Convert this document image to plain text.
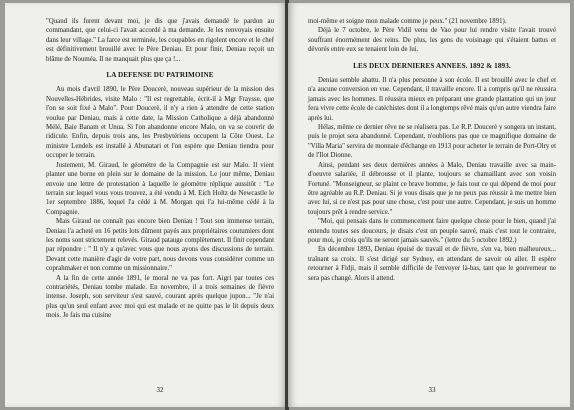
"Quand ils furent devant moi, je dis que j'avais demandé le pardon au commandant, que celui-ci l'avait accordé à ma demande. Je les renvoyais ensuite dans leur village." La farce est terminée, les coupables en rigolent encore et le chef est définitivement brouillé avec le Père Deniau. Et pour finir, Deniau reçoit un blâme de Nouméa. Il ne manquait plus que ça !...

LA DEFENSE DU PATRIMOINE

Au mois d'avril 1890, le Père Doucerè, nouveau supérieur de la mission des Nouvelles-Hébrides, visite Malo : "Il est regrettable, écrit-il à Mgr Frayssе, que l'on se soit fixé à Malo". Pour Doucerè, il n'y a rien à attendre de cette station voulue par Deniau, mais à cette date, la Mission Catholique a déjà abandonné Mélé, Baie Banam et Unua. Si l'on abandonne encore Malo, on va se couvrir de ridicule. Enfin, depuis trois ans, les Presbytériens occupent la Côte Ouest. Le ministre Lendels est installé à Abunatari et l'on espère que Deniau tiendra pour occuper le terrain.

Justement, M. Giraud, le géomètre de la Compagnie est sur Malo. Il vient planter une borne en plein sur le domaine de la mission. Le jour même, Deniau envoie une lettre de protestation à laquelle le géomètre réplique aussitôt : "Le terrain sur lequel vous vous trouvez, a été vendu à M. Eich Holtz de Newcastle le 1er septembre 1886, lequel l'a cédé à M. Morgan qui l'a lui-même cédé à la Compagnie.

Mais Giraud ne connaît pas encore bien Deniau ! Tout son immense terrain, Deniau l'a acheté en 16 petits lots dûment payés aux propriétaires coutumiers dont les noms sont strictement relevés. Giraud patauge complètement. Il finit cependant par répondre : " Il n'y a qu'avec vous que nous ayons des discussions de terrain. Devant cette manière d'agir de votre part, nous devons vous considérer comme un coprahmaker et non comme un missionnaire."

A la fin de cette année 1891, le moral ne va pas fort. Aigri par toutes ces contrariétés, Deniau tombe malade. En novembre, il a trois semaines de fièvre intense. Joseph, son serviteur s'est sauvé, courant après quelque jupon... "Je n'ai plus qu'un seul enfant avec moi qui est malade et ne quitte pas le lit depuis deux mois. Je fais ma cuisine

32

moi-même et soigne mon malade comme je peux." (21 novembre 1891).

Déjà le 7 octobre, le Père Vidil venu de Vao pour lui rendre visite l'avait trouvé souffrant énormément des reins. De plus, les gens du voisinage qui s'étaient battus et dévorés entre eux se tenaient loin de lui.

LES DEUX DERNIERES ANNEES. 1892 & 1893.

Deniau semble abattu. Il n'a plus personne à son école. Il est brouillé avec le chef et n'a aucune conversion en vue. Cependant, il travaille encore. Il a compris qu'il ne réussira jamais avec les hommes. Il réussira mieux en préparant une grande plantation qui un jour fera vivre cette école de catéchistes dont il a longtemps rêvé mais qu'un autre viendra faire après lui.

Hélas, même ce dernier rêve ne se réalisera pas. Le R.P. Doucerè y songera un instant, puis le projet sera abandonné. Cependant, n'oublions pas que ce magnifique domaine de "Villa Maria" servira de monnaie d'échange en 1913 pour acheter le terrain de Port-Olry et de l'Ilot Dionne.

Ainsi, pendant ses deux dernières années à Malo, Deniau travaille avec sa main-d'oeuvre salariée, il débrousse et il plante, toujours se chamaillant avec son voisin Fortuné. "Monseigneur, se plaint ce brave homme, je fais tout ce qui dépend de moi pour être agréable au R.P. Deniau. Si je vous disais que je ne peux pas réussir à me mettre bien avec lui, si ce n'est pas pour une chose, c'est pour une autre. Cependant, je suis un homme toujours prêt à rendre service."

"Moi, qui pensais dans le commencement faire quelque chose pour le bien, quand j'ai entendu toutes ses douceurs, je disais c'est un peuple sauvé, mais c'est tout le contraire, pour moi, je crois qu'ils ne seront jamais sauvés." (lettre du 5 octobre 1892.)

En décembre 1893, Deniau épuisé de travail et de fièvre, s'en va, bien malheureux... traînant sa croix. Il s'est dirigé sur Sydney, en attendant de savoir où aller. Il espère retourner à Fidji, mais il semble difficile de l'envoyer là-bas, tant que le gouverneur ne sera pas changé. Alors il attend.

33
